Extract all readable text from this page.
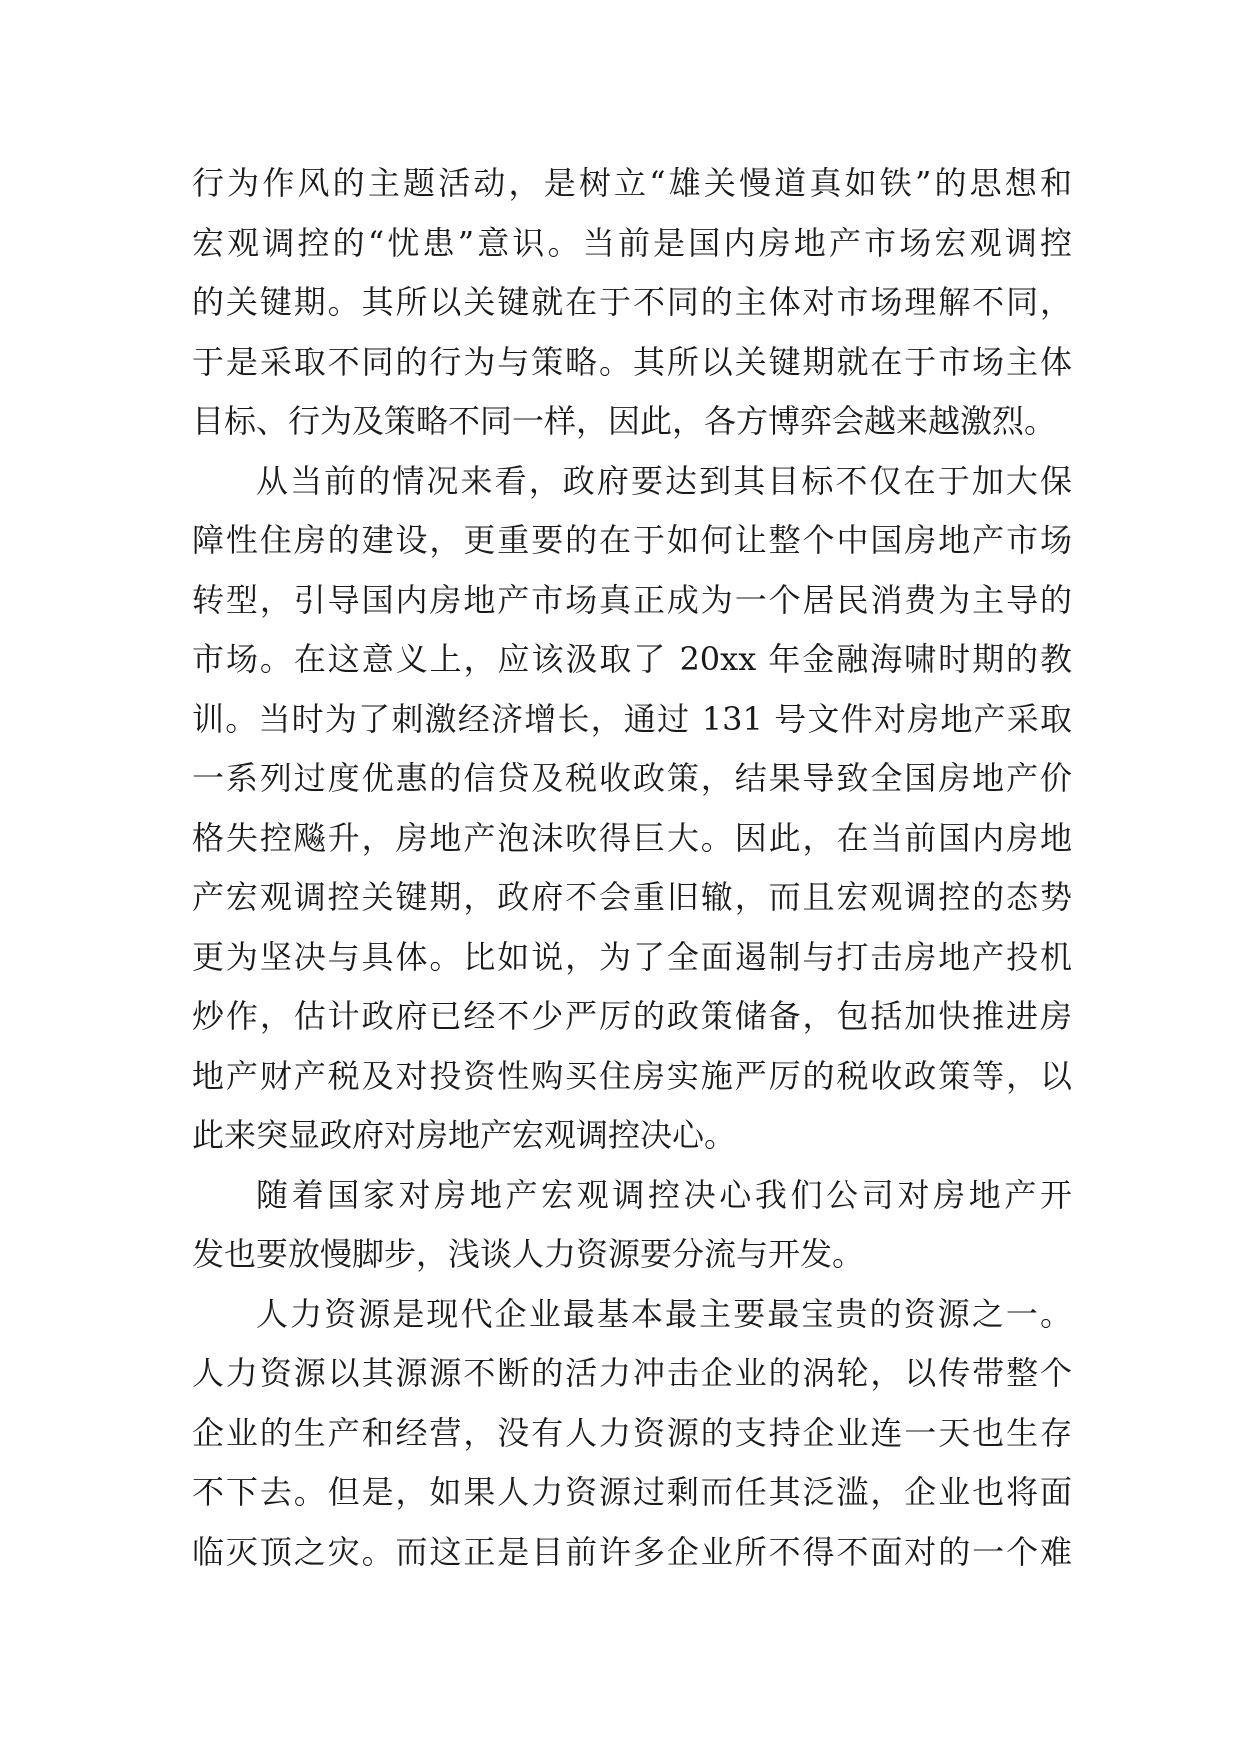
行为作风的主题活动，是树立“雄关慢道真如铁”的思想和
宏观调控的“忧患”意识。当前是国内房地产市场宏观调控
的关键期。其所以关键就在于不同的主体对市场理解不同，
于是采取不同的行为与策略。其所以关键期就在于市场主体
目标、行为及策略不同一样，因此，各方博弈会越来越激烈。
从当前的情况来看，政府要达到其目标不仅在于加大保
障性住房的建设，更重要的在于如何让整个中国房地产市场
转型，引导国内房地产市场真正成为一个居民消费为主导的
市场。在这意义上，应该汲取了 20xx 年金融海啸时期的教
训。当时为了刺激经济增长，通过 131 号文件对房地产采取
一系列过度优惠的信贷及税收政策，结果导致全国房地产价
格失控飚升，房地产泡沫吹得巨大。因此，在当前国内房地
产宏观调控关键期，政府不会重旧辙，而且宏观调控的态势
更为坚决与具体。比如说，为了全面遏制与打击房地产投机
炒作，估计政府已经不少严厉的政策储备，包括加快推进房
地产财产税及对投资性购买住房实施严厉的税收政策等，以
此来突显政府对房地产宏观调控决心。
随着国家对房地产宏观调控决心我们公司对房地产开
发也要放慢脚步，浅谈人力资源要分流与开发。
人力资源是现代企业最基本最主要最宝贵的资源之一。
人力资源以其源源不断的活力冲击企业的涡轮，以传带整个
企业的生产和经营，没有人力资源的支持企业连一天也生存
不下去。但是，如果人力资源过剩而任其泛滥，企业也将面
临灭顶之灾。而这正是目前许多企业所不得不面对的一个难
